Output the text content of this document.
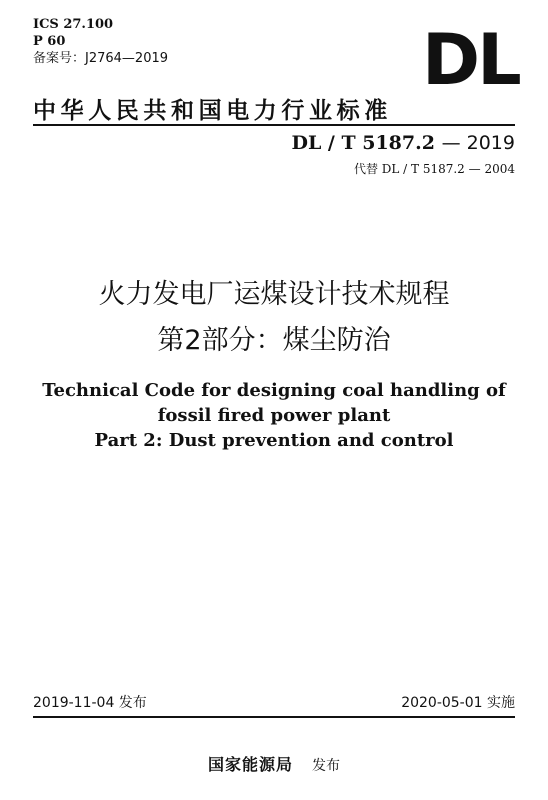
ICS 27.100
P 60
备案号：J2764—2019	DL
中华人民共和国电力行业标准
DL / T 5187.2 — 2019
代替 DL / T 5187.2 — 2004
火力发电厂运煤设计技术规程
第2部分：煤尘防治
Technical Code for designing coal handling of
fossil fired power plant
Part 2: Dust prevention and control
2019-11-04 发布	2020-05-01 实施
国家能源局 发布
